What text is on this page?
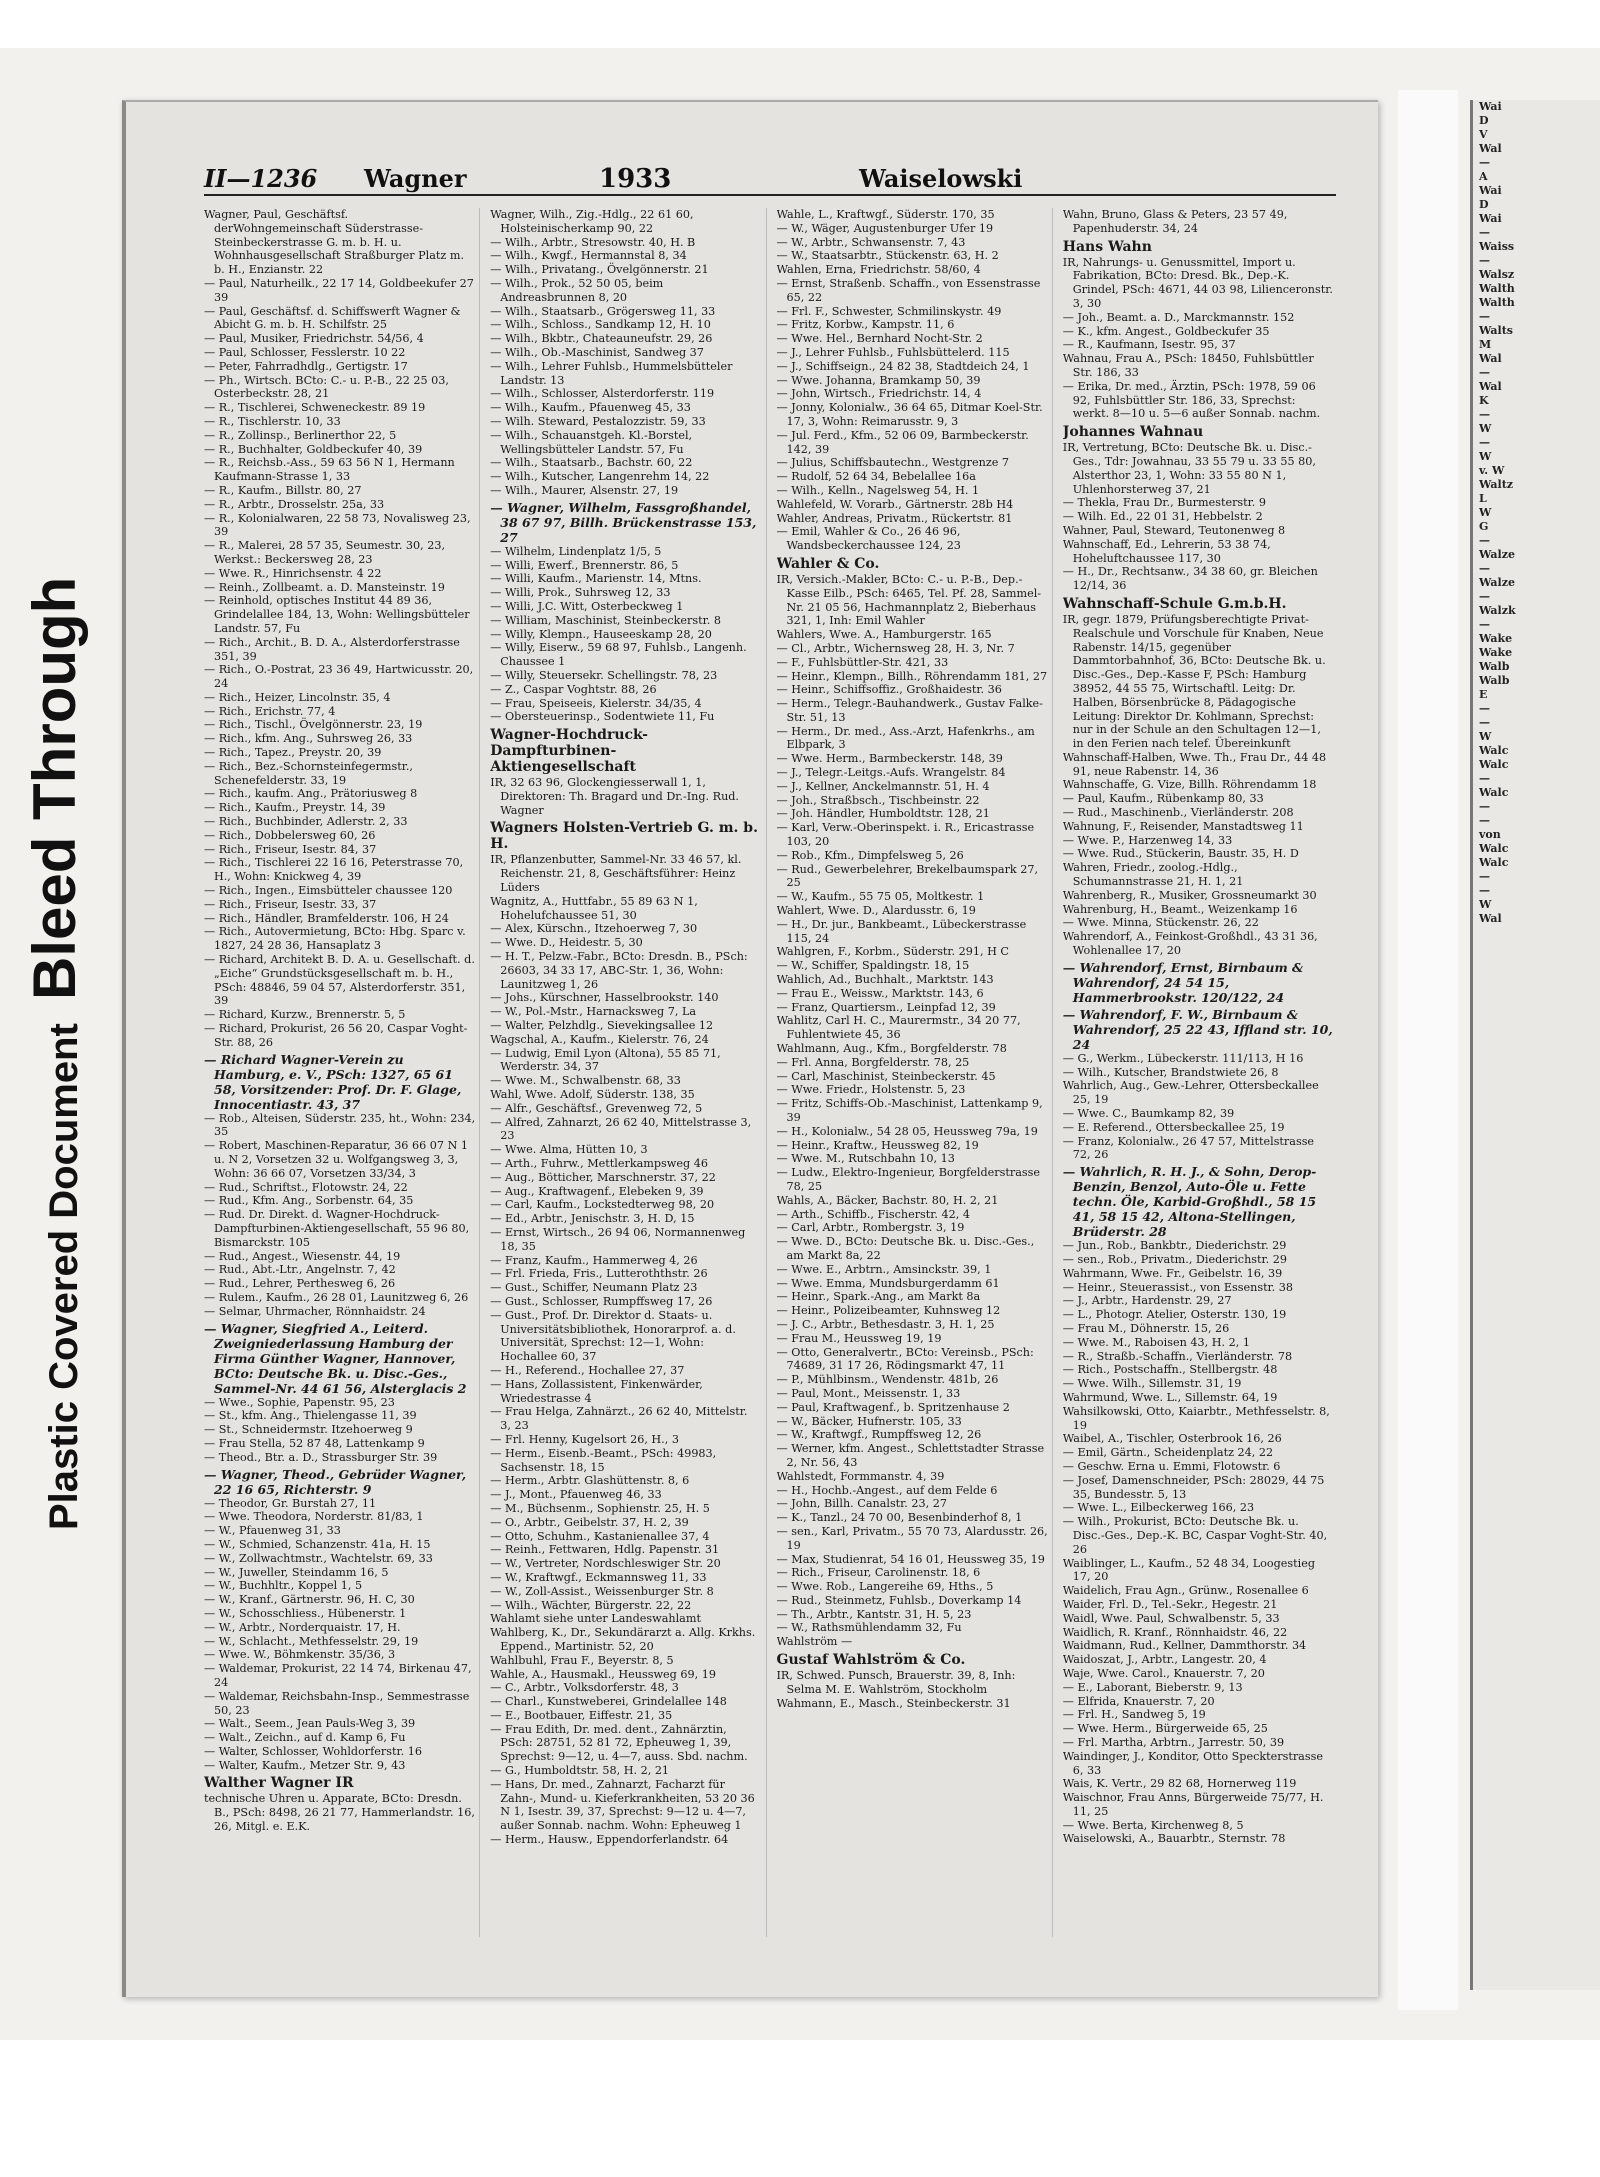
Bleed Through
Plastic Covered Document
II—1236 Wagner	1933	Waiselowski

Wagner, Paul, Geschäftsf. derWohngemeinschaft Süderstrasse-Steinbeckerstrasse G. m. b. H. u. Wohnhausgesellschaft Straßburger Platz m. b. H., Enzianstr. 22

— Paul, Naturheilk., 22 17 14, Goldbeekufer 27 39

— Paul, Geschäftsf. d. Schiffswerft Wagner & Abicht G. m. b. H. Schilfstr. 25

— Paul, Musiker, Friedrichstr. 54/56, 4

— Paul, Schlosser, Fesslerstr. 10 22

— Peter, Fahrradhdlg., Gertigstr. 17

— Ph., Wirtsch. BCto: C.- u. P.-B., 22 25 03, Osterbeckstr. 28, 21

— R., Tischlerei, Schweneckestr. 89 19

— R., Tischlerstr. 10, 33

— R., Zollinsp., Berlinerthor 22, 5

— R., Buchhalter, Goldbeckufer 40, 39

— R., Reichsb.-Ass., 59 63 56 N 1, Hermann Kaufmann-Strasse 1, 33

— R., Kaufm., Billstr. 80, 27

— R., Arbtr., Drosselstr. 25a, 33

— R., Kolonialwaren, 22 58 73, Novalisweg 23, 39

— R., Malerei, 28 57 35, Seumestr. 30, 23, Werkst.: Beckersweg 28, 23

— Wwe. R., Hinrichsenstr. 4 22

— Reinh., Zollbeamt. a. D. Mansteinstr. 19

— Reinhold, optisches Institut 44 89 36, Grindelallee 184, 13, Wohn: Wellingsbütteler Landstr. 57, Fu

— Rich., Archit., B. D. A., Alsterdorferstrasse 351, 39

— Rich., O.-Postrat, 23 36 49, Hartwicusstr. 20, 24

— Rich., Heizer, Lincolnstr. 35, 4

— Rich., Erichstr. 77, 4

— Rich., Tischl., Övelgönnerstr. 23, 19

— Rich., kfm. Ang., Suhrsweg 26, 33

— Rich., Tapez., Preystr. 20, 39

— Rich., Bez.-Schornsteinfegermstr., Schenefelderstr. 33, 19

— Rich., kaufm. Ang., Prätoriusweg 8

— Rich., Kaufm., Preystr. 14, 39

— Rich., Buchbinder, Adlerstr. 2, 33

— Rich., Dobbelersweg 60, 26

— Rich., Friseur, Isestr. 84, 37

— Rich., Tischlerei 22 16 16, Peterstrasse 70, H., Wohn: Knickweg 4, 39

— Rich., Ingen., Eimsbütteler chaussee 120

— Rich., Friseur, Isestr. 33, 37

— Rich., Händler, Bramfelderstr. 106, H 24

— Rich., Autovermietung, BCto: Hbg. Sparc v. 1827, 24 28 36, Hansaplatz 3

— Richard, Architekt B. D. A. u. Gesellschaft. d. „Eiche“ Grundstücksgesellschaft m. b. H., PSch: 48846, 59 04 57, Alsterdorferstr. 351, 39

— Richard, Kurzw., Brennerstr. 5, 5

— Richard, Prokurist, 26 56 20, Caspar Voght-Str. 88, 26

— Richard Wagner-Verein zu Hamburg, e. V., PSch: 1327, 65 61 58, Vorsitzender: Prof. Dr. F. Glage, Innocentiastr. 43, 37

— Rob., Alteisen, Süderstr. 235, ht., Wohn: 234, 35

— Robert, Maschinen-Reparatur, 36 66 07 N 1 u. N 2, Vorsetzen 32 u. Wolfgangsweg 3, 3, Wohn: 36 66 07, Vorsetzen 33/34, 3

— Rud., Schriftst., Flotowstr. 24, 22

— Rud., Kfm. Ang., Sorbenstr. 64, 35

— Rud. Dr. Direkt. d. Wagner-Hochdruck-Dampfturbinen-Aktiengesellschaft, 55 96 80, Bismarckstr. 105

— Rud., Angest., Wiesenstr. 44, 19

— Rud., Abt.-Ltr., Angelnstr. 7, 42

— Rud., Lehrer, Perthesweg 6, 26

— Rulem., Kaufm., 26 28 01, Launitzweg 6, 26

— Selmar, Uhrmacher, Rönnhaidstr. 24

— Wagner, Siegfried A., Leiterd. Zweigniederlassung Hamburg der Firma Günther Wagner, Hannover, BCto: Deutsche Bk. u. Disc.-Ges., Sammel-Nr. 44 61 56, Alsterglacis 2

— Wwe., Sophie, Papenstr. 95, 23

— St., kfm. Ang., Thielengasse 11, 39

— St., Schneidermstr. Itzehoerweg 9

— Frau Stella, 52 87 48, Lattenkamp 9

— Theod., Btr. a. D., Strassburger Str. 39

— Wagner, Theod., Gebrüder Wagner, 22 16 65, Richterstr. 9

— Theodor, Gr. Burstah 27, 11

— Wwe. Theodora, Norderstr. 81/83, 1

— W., Pfauenweg 31, 33

— W., Schmied, Schanzenstr. 41a, H. 15

— W., Zollwachtmstr., Wachtelstr. 69, 33

— W., Juweller, Steindamm 16, 5

— W., Buchhltr., Koppel 1, 5

— W., Kranf., Gärtnerstr. 96, H. C, 30

— W., Schosschliess., Hübenerstr. 1

— W., Arbtr., Norderquaistr. 17, H.

— W., Schlacht., Methfesselstr. 29, 19

— Wwe. W., Böhmkenstr. 35/36, 3

— Waldemar, Prokurist, 22 14 74, Birkenau 47, 24

— Waldemar, Reichsbahn-Insp., Semmestrasse 50, 23

— Walt., Seem., Jean Pauls-Weg 3, 39

— Walt., Zeichn., auf d. Kamp 6, Fu

— Walter, Schlosser, Wohldorferstr. 16

— Walter, Kaufm., Metzer Str. 9, 43

Walther Wagner IR

technische Uhren u. Apparate, BCto: Dresdn. B., PSch: 8498, 26 21 77, Hammerlandstr. 16, 26, Mitgl. e. E.K.

Wagner, Wilh., Zig.-Hdlg., 22 61 60, Holsteinischerkamp 90, 22

— Wilh., Arbtr., Stresowstr. 40, H. B

— Wilh., Kwgf., Hermannstal 8, 34

— Wilh., Privatang., Övelgönnerstr. 21

— Wilh., Prok., 52 50 05, beim Andreasbrunnen 8, 20

— Wilh., Staatsarb., Grögersweg 11, 33

— Wilh., Schloss., Sandkamp 12, H. 10

— Wilh., Bkbtr., Chateauneufstr. 29, 26

— Wilh., Ob.-Maschinist, Sandweg 37

— Wilh., Lehrer Fuhlsb., Hummelsbütteler Landstr. 13

— Wilh., Schlosser, Alsterdorferstr. 119

— Wilh., Kaufm., Pfauenweg 45, 33

— Wilh. Steward, Pestalozzistr. 59, 33

— Wilh., Schauanstgeh. Kl.-Borstel, Wellingsbütteler Landstr. 57, Fu

— Wilh., Staatsarb., Bachstr. 60, 22

— Wilh., Kutscher, Langenrehm 14, 22

— Wilh., Maurer, Alsenstr. 27, 19

— Wagner, Wilhelm, Fassgroßhandel, 38 67 97, Billh. Brückenstrasse 153, 27

— Wilhelm, Lindenplatz 1/5, 5

— Willi, Ewerf., Brennerstr. 86, 5

— Willi, Kaufm., Marienstr. 14, Mtns.

— Willi, Prok., Suhrsweg 12, 33

— Willi, J.C. Witt, Osterbeckweg 1

— William, Maschinist, Steinbeckerstr. 8

— Willy, Klempn., Hauseeskamp 28, 20

— Willy, Eiserw., 59 68 97, Fuhlsb., Langenh. Chaussee 1

— Willy, Steuersekr. Schellingstr. 78, 23

— Z., Caspar Voghtstr. 88, 26

— Frau, Speiseeis, Kielerstr. 34/35, 4

— Obersteuerinsp., Sodentwiete 11, Fu

Wagner-Hochdruck-Dampfturbinen-Aktiengesellschaft

IR, 32 63 96, Glockengiesserwall 1, 1, Direktoren: Th. Bragard und Dr.-Ing. Rud. Wagner

Wagners Holsten-Vertrieb G. m. b. H.

IR, Pflanzenbutter, Sammel-Nr. 33 46 57, kl. Reichenstr. 21, 8, Geschäftsführer: Heinz Lüders

Wagnitz, A., Huttfabr., 55 89 63 N 1, Hohelufchaussee 51, 30

— Alex, Kürschn., Itzehoerweg 7, 30

— Wwe. D., Heidestr. 5, 30

— H. T., Pelzw.-Fabr., BCto: Dresdn. B., PSch: 26603, 34 33 17, ABC-Str. 1, 36, Wohn: Launitzweg 1, 26

— Johs., Kürschner, Hasselbrookstr. 140

— W., Pol.-Mstr., Harnacksweg 7, La

— Walter, Pelzhdlg., Sievekingsallee 12

Wagschal, A., Kaufm., Kielerstr. 76, 24

— Ludwig, Emil Lyon (Altona), 55 85 71, Werderstr. 34, 37

— Wwe. M., Schwalbenstr. 68, 33

Wahl, Wwe. Adolf, Süderstr. 138, 35

— Alfr., Geschäftsf., Grevenweg 72, 5

— Alfred, Zahnarzt, 26 62 40, Mittelstrasse 3, 23

— Wwe. Alma, Hütten 10, 3

— Arth., Fuhrw., Mettlerkampsweg 46

— Aug., Bötticher, Marschnerstr. 37, 22

— Aug., Kraftwagenf., Elebeken 9, 39

— Carl, Kaufm., Lockstedterweg 98, 20

— Ed., Arbtr., Jenischstr. 3, H. D, 15

— Ernst, Wirtsch., 26 94 06, Normannenweg 18, 35

— Franz, Kaufm., Hammerweg 4, 26

— Frl. Frieda, Fris., Lutteroththstr. 26

— Gust., Schiffer, Neumann Platz 23

— Gust., Schlosser, Rumpffsweg 17, 26

— Gust., Prof. Dr. Direktor d. Staats- u. Universitätsbibliothek, Honorarprof. a. d. Universität, Sprechst: 12—1, Wohn: Hochallee 60, 37

— H., Referend., Hochallee 27, 37

— Hans, Zollassistent, Finkenwärder, Wriedestrasse 4

— Frau Helga, Zahnärzt., 26 62 40, Mittelstr. 3, 23

— Frl. Henny, Kugelsort 26, H., 3

— Herm., Eisenb.-Beamt., PSch: 49983, Sachsenstr. 18, 15

— Herm., Arbtr. Glashüttenstr. 8, 6

— J., Mont., Pfauenweg 46, 33

— M., Büchsenm., Sophienstr. 25, H. 5

— O., Arbtr., Geibelstr. 37, H. 2, 39

— Otto, Schuhm., Kastanienallee 37, 4

— Reinh., Fettwaren, Hdlg. Papenstr. 31

— W., Vertreter, Nordschleswiger Str. 20

— W., Kraftwgf., Eckmannsweg 11, 33

— W., Zoll-Assist., Weissenburger Str. 8

— Wilh., Wächter, Bürgerstr. 22, 22

Wahlamt siehe unter Landeswahlamt

Wahlberg, K., Dr., Sekundärarzt a. Allg. Krkhs. Eppend., Martinistr. 52, 20

Wahlbuhl, Frau F., Beyerstr. 8, 5

Wahle, A., Hausmakl., Heussweg 69, 19

— C., Arbtr., Volksdorferstr. 48, 3

— Charl., Kunstweberei, Grindelallee 148

— E., Bootbauer, Eiffestr. 21, 35

— Frau Edith, Dr. med. dent., Zahnärztin, PSch: 28751, 52 81 72, Epheuweg 1, 39, Sprechst: 9—12, u. 4—7, auss. Sbd. nachm.

— G., Humboldtstr. 58, H. 2, 21

— Hans, Dr. med., Zahnarzt, Facharzt für Zahn-, Mund- u. Kieferkrankheiten, 53 20 36 N 1, Isestr. 39, 37, Sprechst: 9—12 u. 4—7, außer Sonnab. nachm. Wohn: Epheuweg 1

— Herm., Hausw., Eppendorferlandstr. 64

Wahle, L., Kraftwgf., Süderstr. 170, 35

— W., Wäger, Augustenburger Ufer 19

— W., Arbtr., Schwansenstr. 7, 43

— W., Staatsarbtr., Stückenstr. 63, H. 2

Wahlen, Erna, Friedrichstr. 58/60, 4

— Ernst, Straßenb. Schaffn., von Essenstrasse 65, 22

— Frl. F., Schwester, Schmilinskystr. 49

— Fritz, Korbw., Kampstr. 11, 6

— Wwe. Hel., Bernhard Nocht-Str. 2

— J., Lehrer Fuhlsb., Fuhlsbüttelerd. 115

— J., Schiffseign., 24 82 38, Stadtdeich 24, 1

— Wwe. Johanna, Bramkamp 50, 39

— John, Wirtsch., Friedrichstr. 14, 4

— Jonny, Kolonialw., 36 64 65, Ditmar Koel-Str. 17, 3, Wohn: Reimarusstr. 9, 3

— Jul. Ferd., Kfm., 52 06 09, Barmbeckerstr. 142, 39

— Julius, Schiffsbautechn., Westgrenze 7

— Rudolf, 52 64 34, Bebelallee 16a

— Wilh., Kelln., Nagelsweg 54, H. 1

Wahlefeld, W. Vorarb., Gärtnerstr. 28b H4

Wahler, Andreas, Privatm., Rückertstr. 81

— Emil, Wahler & Co., 26 46 96, Wandsbeckerchaussee 124, 23

Wahler & Co.

IR, Versich.-Makler, BCto: C.- u. P.-B., Dep.-Kasse Eilb., PSch: 6465, Tel. Pf. 28, Sammel-Nr. 21 05 56, Hachmannplatz 2, Bieberhaus 321, 1, Inh: Emil Wahler

Wahlers, Wwe. A., Hamburgerstr. 165

— Cl., Arbtr., Wichernsweg 28, H. 3, Nr. 7

— F., Fuhlsbüttler-Str. 421, 33

— Heinr., Klempn., Billh., Röhrendamm 181, 27

— Heinr., Schiffsoffiz., Großhaidestr. 36

— Herm., Telegr.-Bauhandwerk., Gustav Falke-Str. 51, 13

— Herm., Dr. med., Ass.-Arzt, Hafenkrhs., am Elbpark, 3

— Wwe. Herm., Barmbeckerstr. 148, 39

— J., Telegr.-Leitgs.-Aufs. Wrangelstr. 84

— J., Kellner, Anckelmannstr. 51, H. 4

— Joh., Straßbsch., Tischbeinstr. 22

— Joh. Händler, Humboldtstr. 128, 21

— Karl, Verw.-Oberinspekt. i. R., Ericastrasse 103, 20

— Rob., Kfm., Dimpfelsweg 5, 26

— Rud., Gewerbelehrer, Brekelbaumspark 27, 25

— W., Kaufm., 55 75 05, Moltkestr. 1

Wahlert, Wwe. D., Alardusstr. 6, 19

— H., Dr. jur., Bankbeamt., Lübeckerstrasse 115, 24

Wahlgren, F., Korbm., Süderstr. 291, H C

— W., Schiffer, Spaldingstr. 18, 15

Wahlich, Ad., Buchhalt., Marktstr. 143

— Frau E., Weissw., Marktstr. 143, 6

— Franz, Quartiersm., Leinpfad 12, 39

Wahlitz, Carl H. C., Maurermstr., 34 20 77, Fuhlentwiete 45, 36

Wahlmann, Aug., Kfm., Borgfelderstr. 78

— Frl. Anna, Borgfelderstr. 78, 25

— Carl, Maschinist, Steinbeckerstr. 45

— Wwe. Friedr., Holstenstr. 5, 23

— Fritz, Schiffs-Ob.-Maschinist, Lattenkamp 9, 39

— H., Kolonialw., 54 28 05, Heussweg 79a, 19

— Heinr., Kraftw., Heussweg 82, 19

— Wwe. M., Rutschbahn 10, 13

— Ludw., Elektro-Ingenieur, Borgfelderstrasse 78, 25

Wahls, A., Bäcker, Bachstr. 80, H. 2, 21

— Arth., Schiffb., Fischerstr. 42, 4

— Carl, Arbtr., Rombergstr. 3, 19

— Wwe. D., BCto: Deutsche Bk. u. Disc.-Ges., am Markt 8a, 22

— Wwe. E., Arbtrn., Amsinckstr. 39, 1

— Wwe. Emma, Mundsburgerdamm 61

— Heinr., Spark.-Ang., am Markt 8a

— Heinr., Polizeibeamter, Kuhnsweg 12

— J. C., Arbtr., Bethesdastr. 3, H. 1, 25

— Frau M., Heussweg 19, 19

— Otto, Generalvertr., BCto: Vereinsb., PSch: 74689, 31 17 26, Rödingsmarkt 47, 11

— P., Mühlbinsm., Wendenstr. 481b, 26

— Paul, Mont., Meissenstr. 1, 33

— Paul, Kraftwagenf., b. Spritzenhause 2

— W., Bäcker, Hufnerstr. 105, 33

— W., Kraftwgf., Rumpffsweg 12, 26

— Werner, kfm. Angest., Schlettstadter Strasse 2, Nr. 56, 43

Wahlstedt, Formmanstr. 4, 39

— H., Hochb.-Angest., auf dem Felde 6

— John, Billh. Canalstr. 23, 27

— K., Tanzl., 24 70 00, Besenbinderhof 8, 1

— sen., Karl, Privatm., 55 70 73, Alardusstr. 26, 19

— Max, Studienrat, 54 16 01, Heussweg 35, 19

— Rich., Friseur, Carolinenstr. 18, 6

— Wwe. Rob., Langereihe 69, Hths., 5

— Rud., Steinmetz, Fuhlsb., Doverkamp 14

— Th., Arbtr., Kantstr. 31, H. 5, 23

— W., Rathsmühlendamm 32, Fu

Wahlström —

Gustaf Wahlström & Co.

IR, Schwed. Punsch, Brauerstr. 39, 8, Inh: Selma M. E. Wahlström, Stockholm

Wahmann, E., Masch., Steinbeckerstr. 31

Wahn, Bruno, Glass & Peters, 23 57 49, Papenhuderstr. 34, 24

Hans Wahn

IR, Nahrungs- u. Genussmittel, Import u. Fabrikation, BCto: Dresd. Bk., Dep.-K. Grindel, PSch: 4671, 44 03 98, Lilienceronstr. 3, 30

— Joh., Beamt. a. D., Marckmannstr. 152

— K., kfm. Angest., Goldbeckufer 35

— R., Kaufmann, Isestr. 95, 37

Wahnau, Frau A., PSch: 18450, Fuhlsbüttler Str. 186, 33

— Erika, Dr. med., Ärztin, PSch: 1978, 59 06 92, Fuhlsbüttler Str. 186, 33, Sprechst: werkt. 8—10 u. 5—6 außer Sonnab. nachm.

Johannes Wahnau

IR, Vertretung, BCto: Deutsche Bk. u. Disc.-Ges., Tdr: Jowahnau, 33 55 79 u. 33 55 80, Alsterthor 23, 1, Wohn: 33 55 80 N 1, Uhlenhorsterweg 37, 21

— Thekla, Frau Dr., Burmesterstr. 9

— Wilh. Ed., 22 01 31, Hebbelstr. 2

Wahner, Paul, Steward, Teutonenweg 8

Wahnschaff, Ed., Lehrerin, 53 38 74, Hoheluftchaussee 117, 30

— H., Dr., Rechtsanw., 34 38 60, gr. Bleichen 12/14, 36

Wahnschaff-Schule G.m.b.H.

IR, gegr. 1879, Prüfungsberechtigte Privat-Realschule und Vorschule für Knaben, Neue Rabenstr. 14/15, gegenüber Dammtorbahnhof, 36, BCto: Deutsche Bk. u. Disc.-Ges., Dep.-Kasse F, PSch: Hamburg 38952, 44 55 75, Wirtschaftl. Leitg: Dr. Halben, Börsenbrücke 8, Pädagogische Leitung: Direktor Dr. Kohlmann, Sprechst: nur in der Schule an den Schultagen 12—1, in den Ferien nach telef. Übereinkunft

Wahnschaff-Halben, Wwe. Th., Frau Dr., 44 48 91, neue Rabenstr. 14, 36

Wahnschaffe, G. Vize, Billh. Röhrendamm 18

— Paul, Kaufm., Rübenkamp 80, 33

— Rud., Maschinenb., Vierländerstr. 208

Wahnung, F., Reisender, Manstadtsweg 11

— Wwe. P., Harzenweg 14, 33

— Wwe. Rud., Stückerin, Baustr. 35, H. D

Wahren, Friedr., zoolog.-Hdlg., Schumannstrasse 21, H. 1, 21

Wahrenberg, R., Musiker, Grossneumarkt 30

Wahrenburg, H., Beamt., Weizenkamp 16

— Wwe. Minna, Stückenstr. 26, 22

Wahrendorf, A., Feinkost-Großhdl., 43 31 36, Wohlenallee 17, 20

— Wahrendorf, Ernst, Birnbaum & Wahrendorf, 24 54 15, Hammerbrookstr. 120/122, 24

— Wahrendorf, F. W., Birnbaum & Wahrendorf, 25 22 43, Iffland str. 10, 24

— G., Werkm., Lübeckerstr. 111/113, H 16

— Wilh., Kutscher, Brandstwiete 26, 8

Wahrlich, Aug., Gew.-Lehrer, Ottersbeckallee 25, 19

— Wwe. C., Baumkamp 82, 39

— E. Referend., Ottersbeckallee 25, 19

— Franz, Kolonialw., 26 47 57, Mittelstrasse 72, 26

— Wahrlich, R. H. J., & Sohn, Derop-Benzin, Benzol, Auto-Öle u. Fette techn. Öle, Karbid-Großhdl., 58 15 41, 58 15 42, Altona-Stellingen, Brüderstr. 28

— Jun., Rob., Bankbtr., Diederichstr. 29

— sen., Rob., Privatm., Diederichstr. 29

Wahrmann, Wwe. Fr., Geibelstr. 16, 39

— Heinr., Steuerassist., von Essenstr. 38

— J., Arbtr., Hardenstr. 29, 27

— L., Photogr. Atelier, Osterstr. 130, 19

— Frau M., Döhnerstr. 15, 26

— Wwe. M., Raboisen 43, H. 2, 1

— R., Straßb.-Schaffn., Vierländerstr. 78

— Rich., Postschaffn., Stellbergstr. 48

— Wwe. Wilh., Sillemstr. 31, 19

Wahrmund, Wwe. L., Sillemstr. 64, 19

Wahsilkowski, Otto, Kaiarbtr., Methfesselstr. 8, 19

Waibel, A., Tischler, Osterbrook 16, 26

— Emil, Gärtn., Scheidenplatz 24, 22

— Geschw. Erna u. Emmi, Flotowstr. 6

— Josef, Damenschneider, PSch: 28029, 44 75 35, Bundesstr. 5, 13

— Wwe. L., Eilbeckerweg 166, 23

— Wilh., Prokurist, BCto: Deutsche Bk. u. Disc.-Ges., Dep.-K. BC, Caspar Voght-Str. 40, 26

Waiblinger, L., Kaufm., 52 48 34, Loogestieg 17, 20

Waidelich, Frau Agn., Grünw., Rosenallee 6

Waider, Frl. D., Tel.-Sekr., Hegestr. 21

Waidl, Wwe. Paul, Schwalbenstr. 5, 33

Waidlich, R. Kranf., Rönnhaidstr. 46, 22

Waidmann, Rud., Kellner, Dammthorstr. 34

Waidoszat, J., Arbtr., Langestr. 20, 4

Waje, Wwe. Carol., Knauerstr. 7, 20

— E., Laborant, Bieberstr. 9, 13

— Elfrida, Knauerstr. 7, 20

— Frl. H., Sandweg 5, 19

— Wwe. Herm., Bürgerweide 65, 25

— Frl. Martha, Arbtrn., Jarrestr. 50, 39

Waindinger, J., Konditor, Otto Speckterstrasse 6, 33

Wais, K. Vertr., 29 82 68, Hornerweg 119

Waischnor, Frau Anns, Bürgerweide 75/77, H. 11, 25

— Wwe. Berta, Kirchenweg 8, 5

Waiselowski, A., Bauarbtr., Sternstr. 78

Wai
D
V
Wal
—
A
Wai
D
Wai
—
Waiss
—
Walsz
Walth
Walth
—
Walts
M
Wal
—
Wal
K
—
W
—
W
v. W
Waltz
L
W
G
—
Walze
—
Walze
—
Walzk
—
Wake
Wake
Walb
Walb
E
—
—
W
Walc
Walc
—
Walc
—
—
von
Walc
Walc
—
—
W
Wal
